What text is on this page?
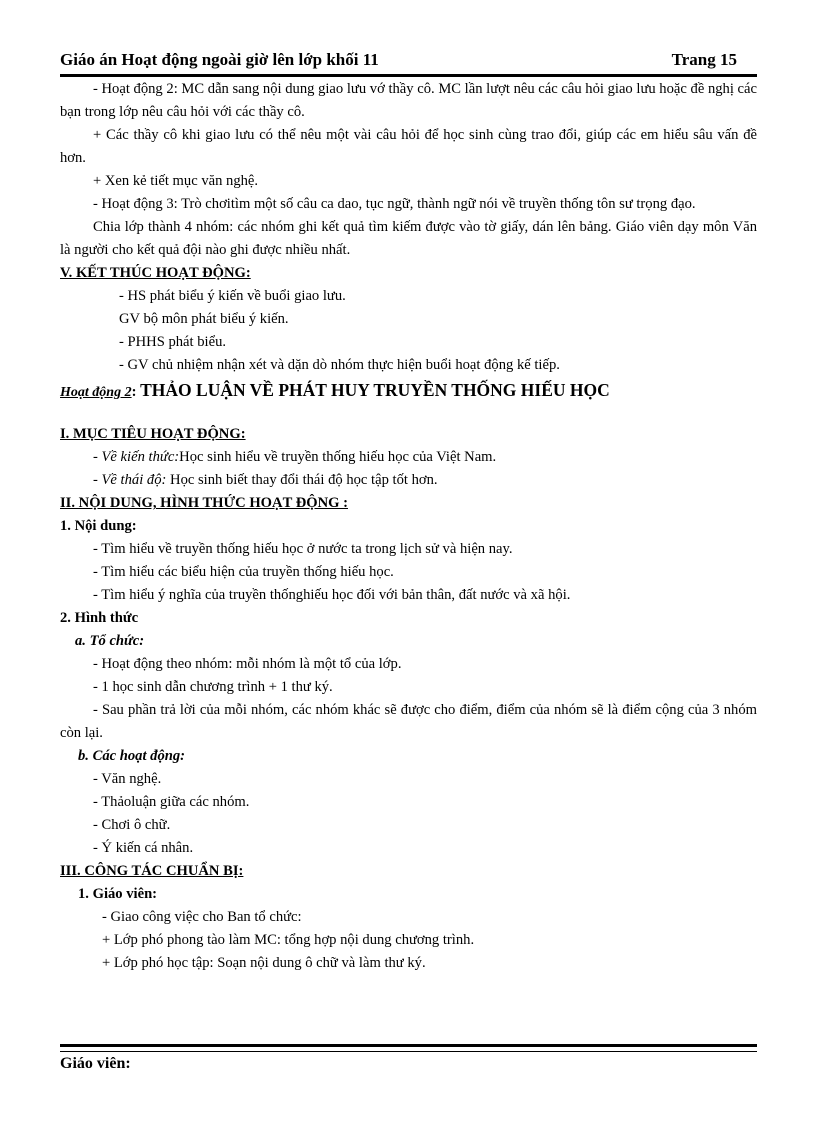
Giáo án Hoạt động ngoài giờ lên lớp khối 11	Trang 15

- Hoạt động 2: MC dẫn sang nội dung giao lưu vớ thầy cô. MC lần lượt nêu các câu hỏi giao lưu hoặc đề nghị các bạn trong lớp nêu câu hỏi với các thầy cô.

+ Các thầy cô khi giao lưu có thể nêu một vài câu hỏi để học sinh cùng trao đổi, giúp các em hiểu sâu vấn đề hơn.

+ Xen kẻ tiết mục văn nghệ.

- Hoạt động 3: Trò chơitìm một số câu ca dao, tục ngữ, thành ngữ nói về truyền thống tôn sư trọng đạo.

Chia lớp thành 4 nhóm: các nhóm ghi kết quả tìm kiếm được vào tờ giấy, dán lên bảng. Giáo viên dạy môn Văn là người cho kết quả đội nào ghi được nhiều nhất.

V. KẾT THÚC HOẠT ĐỘNG:

- HS phát biểu ý kiến về buổi giao lưu.

GV bộ môn phát biểu ý kiến.

- PHHS phát biểu.

- GV chủ nhiệm nhận xét và dặn dò nhóm thực hiện buổi hoạt động kế tiếp.

Hoạt động 2: THẢO LUẬN VỀ PHÁT HUY TRUYỀN THỐNG HIẾU HỌC

I. MỤC TIÊU HOẠT ĐỘNG:

- Về kiến thức:Học sinh hiểu về truyền thống hiếu học của Việt Nam.

- Về thái độ: Học sinh biết thay đổi thái độ học tập tốt hơn.

II. NỘI DUNG, HÌNH THỨC HOẠT ĐỘNG :

1. Nội dung:

- Tìm hiểu về truyền thống hiếu học ở nước ta trong lịch sử và hiện nay.

- Tìm hiểu các biểu hiện của truyền thống hiếu học.

- Tìm hiểu ý nghĩa của truyền thốnghiếu học đối với bản thân, đất nước và xã hội.

2. Hình thức

a. Tổ chức:

- Hoạt động theo nhóm: mỗi nhóm là một tổ của lớp.

- 1 học sinh dẫn chương trình + 1 thư ký.

- Sau phần trả lời của mỗi nhóm, các nhóm khác sẽ được cho điểm, điểm của nhóm sẽ là điểm cộng của 3 nhóm còn lại.

b. Các hoạt động:

- Văn nghệ.

- Thảoluận giữa các nhóm.

- Chơi ô chữ.

- Ý kiến cá nhân.

III. CÔNG TÁC CHUẨN BỊ:

1. Giáo viên:

- Giao công việc cho Ban tổ chức:

+ Lớp phó phong tào làm MC: tổng hợp nội dung chương trình.

+ Lớp phó học tập: Soạn nội dung ô chữ và làm thư ký.

Giáo viên:
